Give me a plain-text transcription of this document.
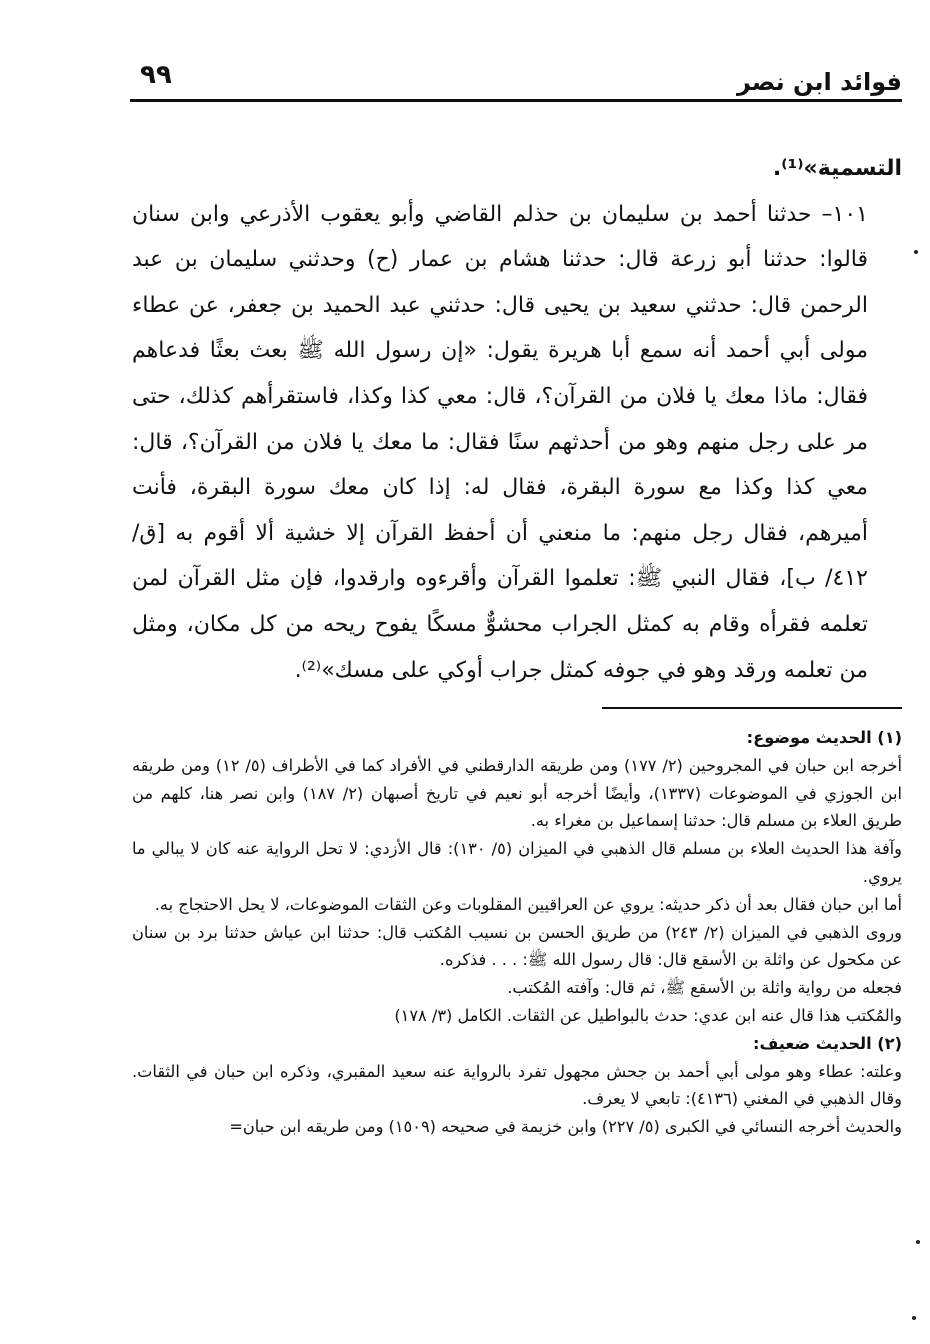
فوائد ابن نصر
٩٩

التسمية»⁽¹⁾.

١٠١– حدثنا أحمد بن سليمان بن حذلم القاضي وأبو يعقوب الأذرعي وابن سنان قالوا: حدثنا أبو زرعة قال: حدثنا هشام بن عمار (ح) وحدثني سليمان بن عبد الرحمن قال: حدثني سعيد بن يحيى قال: حدثني عبد الحميد بن جعفر، عن عطاء مولى أبي أحمد أنه سمع أبا هريرة يقول: «إن رسول الله ﷺ بعث بعثًا فدعاهم فقال: ماذا معك يا فلان من القرآن؟، قال: معي كذا وكذا، فاستقرأهم كذلك، حتى مر على رجل منهم وهو من أحدثهم سنًا فقال: ما معك يا فلان من القرآن؟، قال: معي كذا وكذا مع سورة البقرة، فقال له: إذا كان معك سورة البقرة، فأنت أميرهم، فقال رجل منهم: ما منعني أن أحفظ القرآن إلا خشية ألا أقوم به [ق/ ٤١٢/ ب]، فقال النبي ﷺ: تعلموا القرآن وأقرءوه وارقدوا، فإن مثل القرآن لمن تعلمه فقرأه وقام به كمثل الجراب محشوٌّ مسكًا يفوح ريحه من كل مكان، ومثل من تعلمه ورقد وهو في جوفه كمثل جراب أوكي على مسك»⁽²⁾.

(١) الحديث موضوع:

أخرجه ابن حبان في المجروحين (٢/ ١٧٧) ومن طريقه الدارقطني في الأفراد كما في الأطراف (٥/ ١٢) ومن طريقه ابن الجوزي في الموضوعات (١٣٣٧)، وأيضًا أخرجه أبو نعيم في تاريخ أصبهان (٢/ ١٨٧) وابن نصر هنا، كلهم من طريق العلاء بن مسلم قال: حدثنا إسماعيل بن مغراء به.

وآفة هذا الحديث العلاء بن مسلم قال الذهبي في الميزان (٥/ ١٣٠): قال الأزدي: لا تحل الرواية عنه كان لا يبالي ما يروي.

أما ابن حبان فقال بعد أن ذكر حديثه: يروي عن العراقيين المقلوبات وعن الثقات الموضوعات، لا يحل الاحتجاج به.

وروى الذهبي في الميزان (٢/ ٢٤٣) من طريق الحسن بن نسيب المُكتب قال: حدثنا ابن عياش حدثنا برد بن سنان عن مكحول عن واثلة بن الأسقع قال: قال رسول الله ﷺ: . . . فذكره.

فجعله من رواية واثلة بن الأسقع ﷺ، ثم قال: وآفته المُكتب.

والمُكتب هذا قال عنه ابن عدي: حدث بالبواطيل عن الثقات. الكامل (٣/ ١٧٨)

(٢) الحديث ضعيف:

وعلته: عطاء وهو مولى أبي أحمد بن جحش مجهول تفرد بالرواية عنه سعيد المقبري، وذكره ابن حبان في الثقات. وقال الذهبي في المغني (٤١٣٦): تابعي لا يعرف.

والحديث أخرجه النسائي في الكبرى (٥/ ٢٢٧) وابن خزيمة في صحيحه (١٥٠٩) ومن طريقه ابن حبان=
